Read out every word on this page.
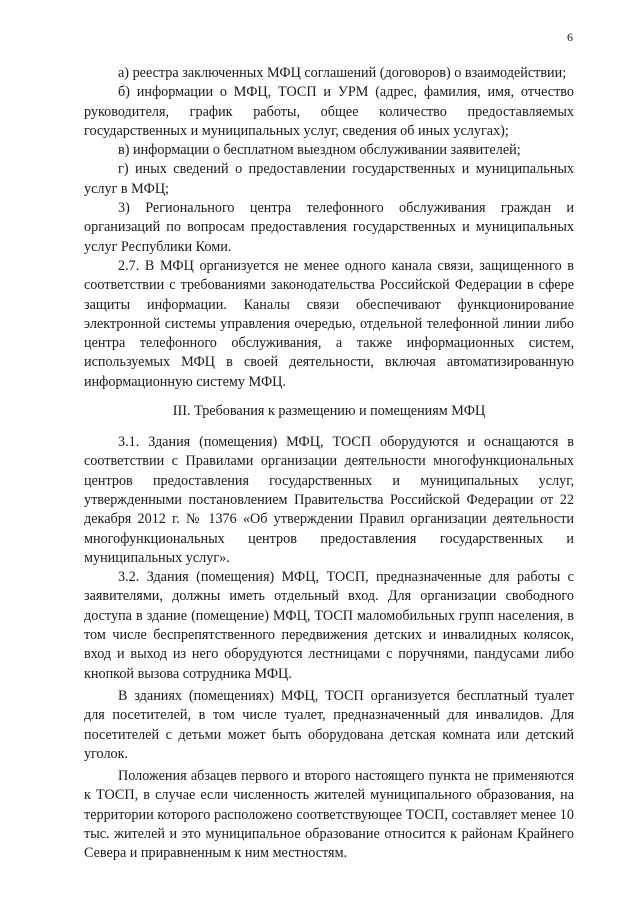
6

а) реестра заключенных МФЦ соглашений (договоров) о взаимодействии;

б) информации о МФЦ, ТОСП и УРМ (адрес, фамилия, имя, отчество руководителя, график работы, общее количество предоставляемых государственных и муниципальных услуг, сведения об иных услугах);

в) информации о бесплатном выездном обслуживании заявителей;

г) иных сведений о предоставлении государственных и муниципальных услуг в МФЦ;

3) Регионального центра телефонного обслуживания граждан и организаций по вопросам предоставления государственных и муниципальных услуг Республики Коми.

2.7. В МФЦ организуется не менее одного канала связи, защищенного в соответствии с требованиями законодательства Российской Федерации в сфере защиты информации. Каналы связи обеспечивают функционирование электронной системы управления очередью, отдельной телефонной линии либо центра телефонного обслуживания, а также информационных систем, используемых МФЦ в своей деятельности, включая автоматизированную информационную систему МФЦ.

III. Требования к размещению и помещениям МФЦ

3.1. Здания (помещения) МФЦ, ТОСП оборудуются и оснащаются в соответствии с Правилами организации деятельности многофункциональных центров предоставления государственных и муниципальных услуг, утвержденными постановлением Правительства Российской Федерации от 22 декабря 2012 г. № 1376 «Об утверждении Правил организации деятельности многофункциональных центров предоставления государственных и муниципальных услуг».

3.2. Здания (помещения) МФЦ, ТОСП, предназначенные для работы с заявителями, должны иметь отдельный вход. Для организации свободного доступа в здание (помещение) МФЦ, ТОСП маломобильных групп населения, в том числе беспрепятственного передвижения детских и инвалидных колясок, вход и выход из него оборудуются лестницами с поручнями, пандусами либо кнопкой вызова сотрудника МФЦ.

В зданиях (помещениях) МФЦ, ТОСП организуется бесплатный туалет для посетителей, в том числе туалет, предназначенный для инвалидов. Для посетителей с детьми может быть оборудована детская комната или детский уголок.

Положения абзацев первого и второго настоящего пункта не применяются к ТОСП, в случае если численность жителей муниципального образования, на территории которого расположено соответствующее ТОСП, составляет менее 10 тыс. жителей и это муниципальное образование относится к районам Крайнего Севера и приравненным к ним местностям.
